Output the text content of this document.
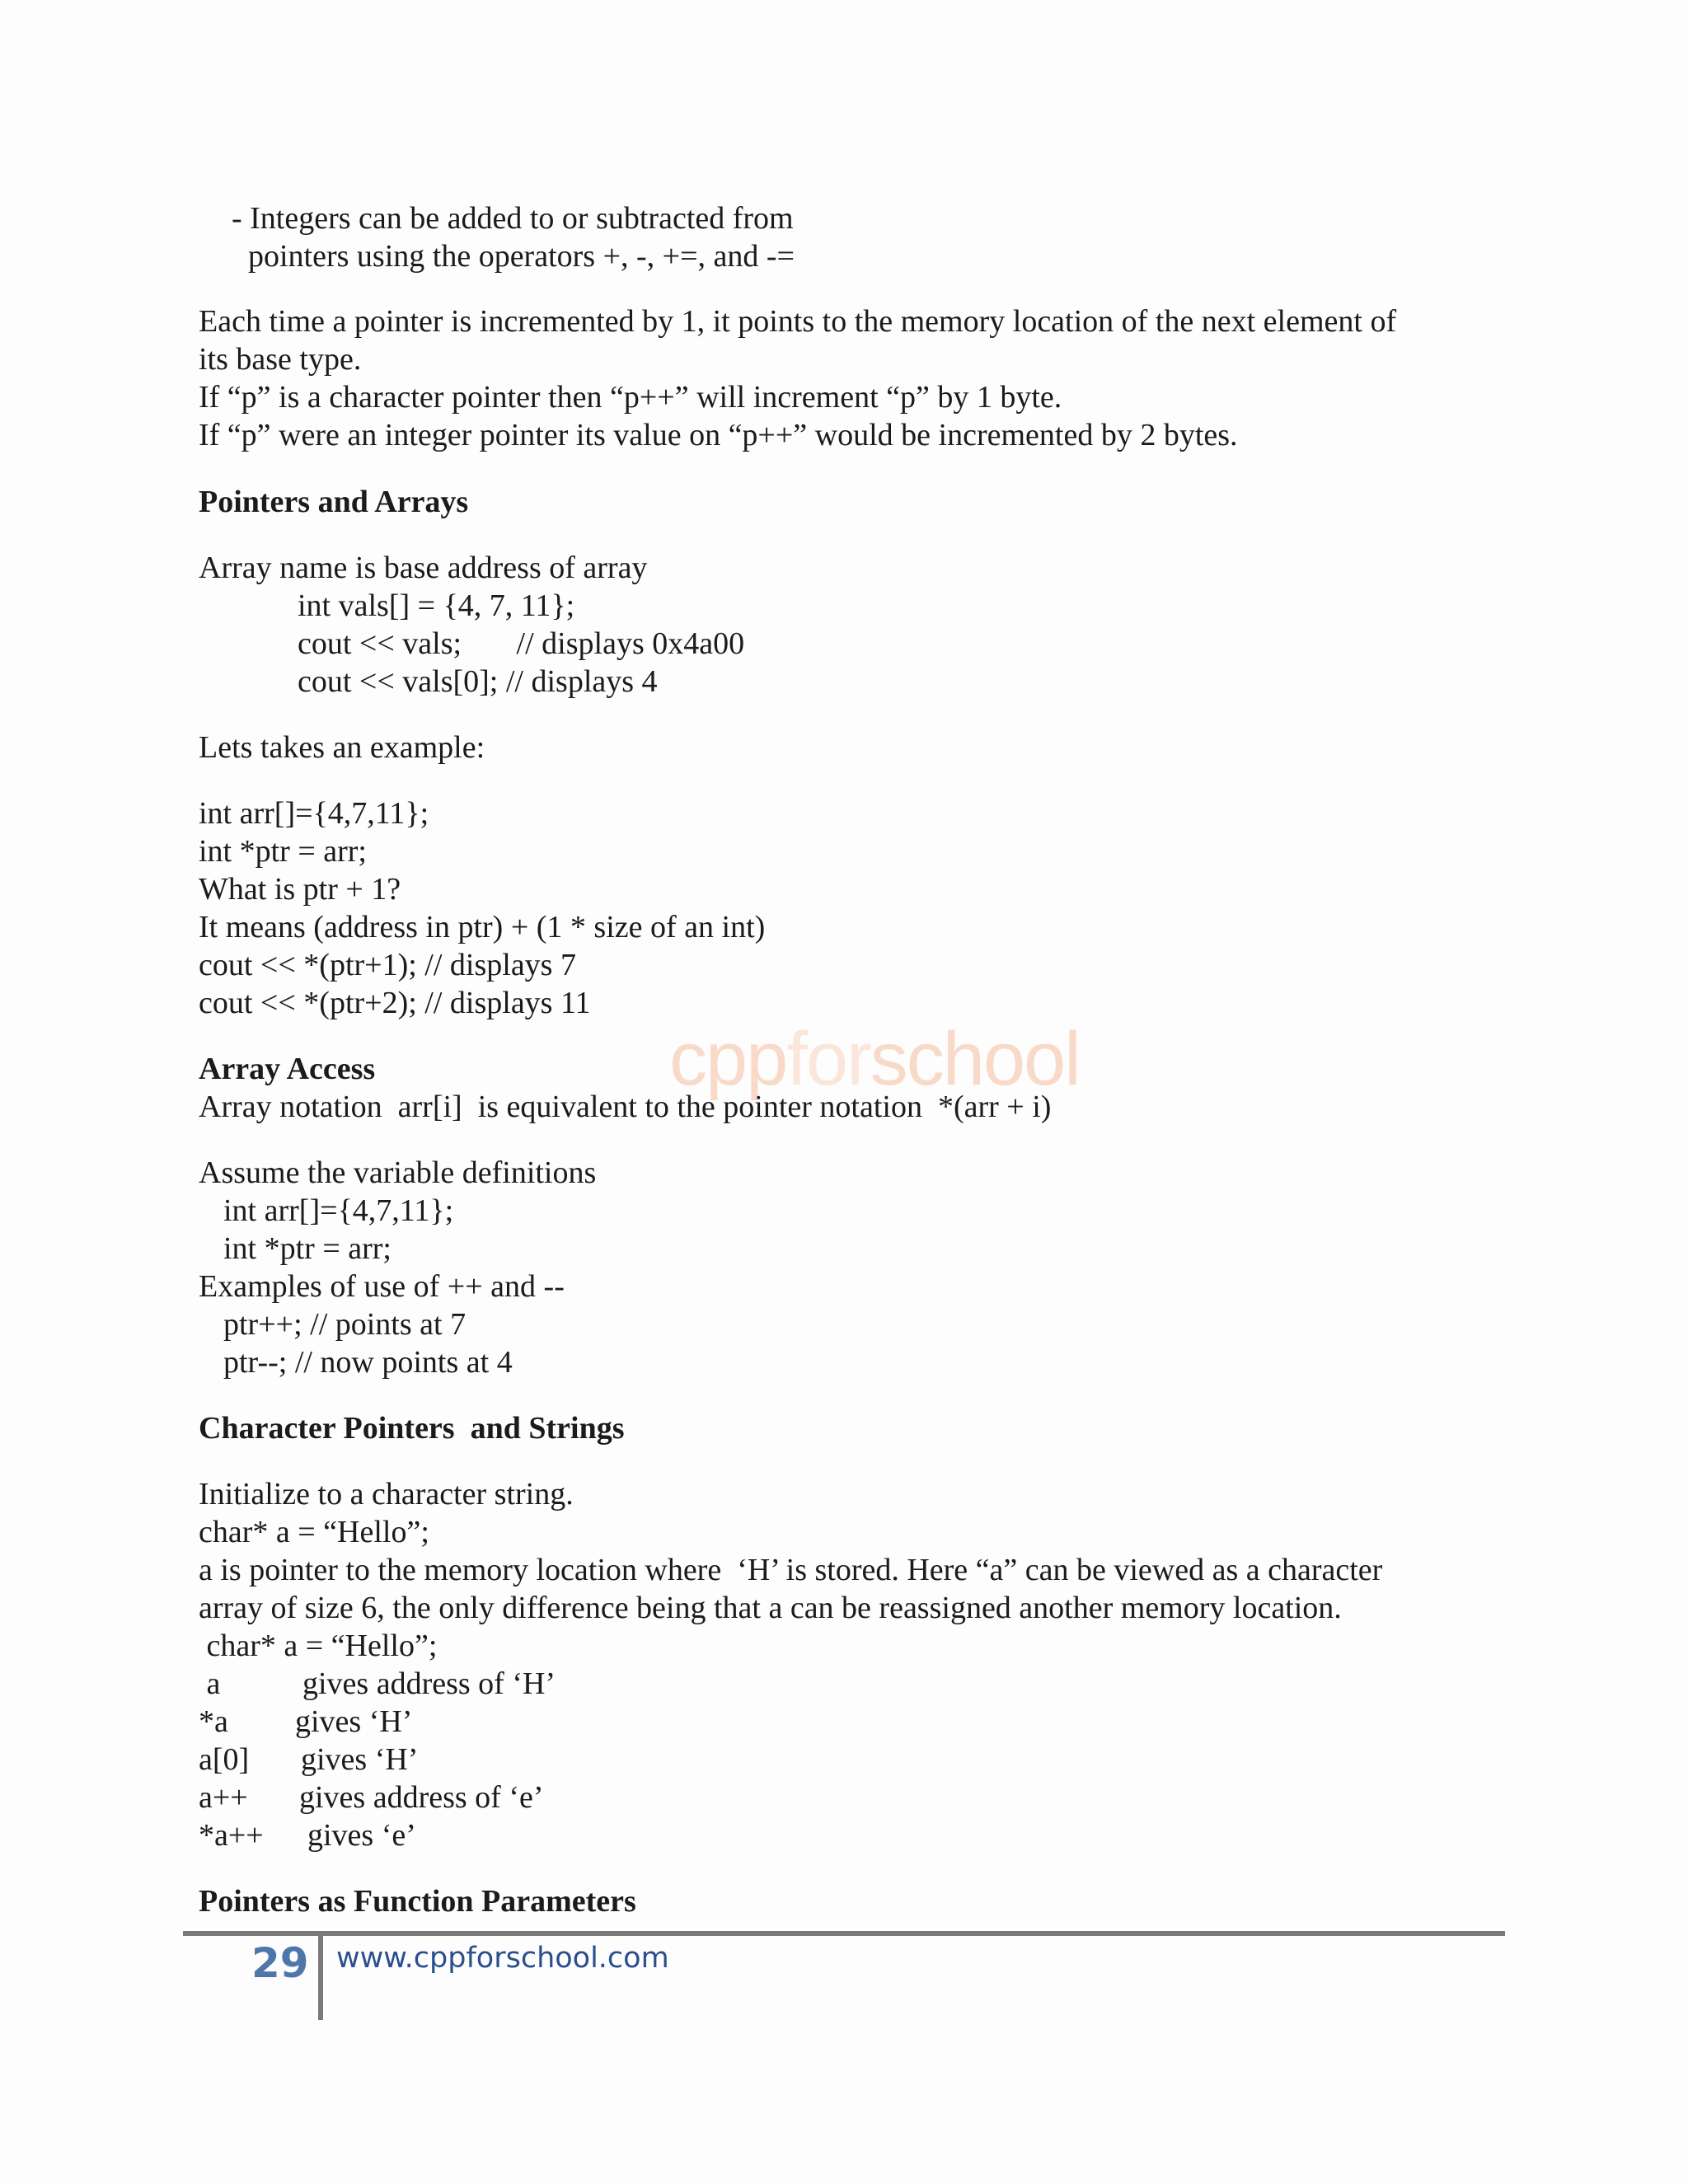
cppforschool
- Integers can be added to or subtracted from
pointers using the operators +, -, +=, and -=
Each time a pointer is incremented by 1, it points to the memory location of the next element of
its base type.
If “p” is a character pointer then “p++” will increment “p” by 1 byte.
If “p” were an integer pointer its value on “p++” would be incremented by 2 bytes.
Pointers and Arrays
Array name is base address of array
int vals[] = {4, 7, 11};
cout << vals;       // displays 0x4a00
cout << vals[0]; // displays 4
Lets takes an example:
int arr[]={4,7,11};
int *ptr = arr;
What is ptr + 1?
It means (address in ptr) + (1 * size of an int)
cout << *(ptr+1); // displays 7
cout << *(ptr+2); // displays 11
Array Access
Array notation  arr[i]  is equivalent to the pointer notation  *(arr + i)
Assume the variable definitions
int arr[]={4,7,11};
int *ptr = arr;
Examples of use of ++ and --
ptr++; // points at 7
ptr--; // now points at 4
Character Pointers  and Strings
Initialize to a character string.
char* a = “Hello”;
a is pointer to the memory location where  ‘H’ is stored. Here “a” can be viewed as a character
array of size 6, the only difference being that a can be reassigned another memory location.
char* a = “Hello”;
a	gives address of ‘H’
*a gives ‘H’
a[0] gives ‘H’
a++ gives address of ‘e’
*a++ gives ‘e’
Pointers as Function Parameters
29 www.cppforschool.com
